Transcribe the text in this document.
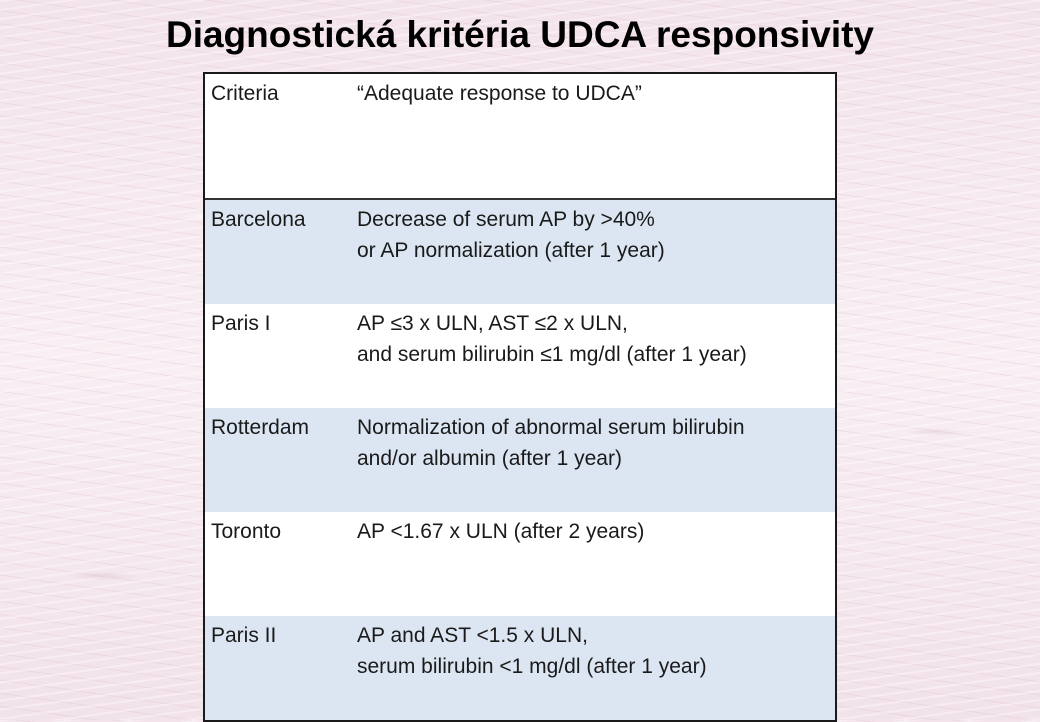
Diagnostická kritéria UDCA responsivity
Criteria	“Adequate response to UDCA”
Barcelona	Decrease of serum AP by >40%
or AP normalization (after 1 year)
Paris I	AP ≤3 x ULN, AST ≤2 x ULN,
and serum bilirubin ≤1 mg/dl (after 1 year)
Rotterdam	Normalization of abnormal serum bilirubin
and/or albumin (after 1 year)
Toronto	AP <1.67 x ULN (after 2 years)
Paris II	AP and AST <1.5 x ULN,
serum bilirubin <1 mg/dl (after 1 year)
